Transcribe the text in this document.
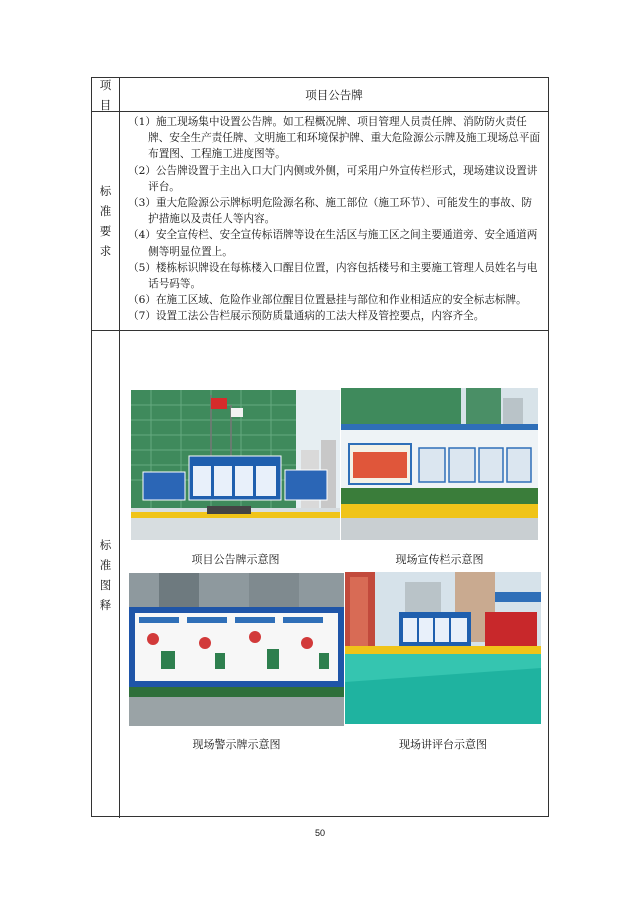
项目
项目公告牌
标准要求
（1）施工现场集中设置公告牌。如工程概况牌、项目管理人员责任牌、消防防火责任牌、安全生产责任牌、文明施工和环境保护牌、重大危险源公示牌及施工现场总平面布置图、工程施工进度图等。
（2）公告牌设置于主出入口大门内侧或外侧，可采用户外宣传栏形式，现场建议设置讲评台。
（3）重大危险源公示牌标明危险源名称、施工部位（施工环节）、可能发生的事故、防护措施以及责任人等内容。
（4）安全宣传栏、安全宣传标语牌等设在生活区与施工区之间主要通道旁、安全通道两侧等明显位置上。
（5）楼栋标识牌设在每栋楼入口醒目位置，内容包括楼号和主要施工管理人员姓名与电话号码等。
（6）在施工区域、危险作业部位醒目位置悬挂与部位和作业相适应的安全标志标牌。
（7）设置工法公告栏展示预防质量通病的工法大样及管控要点，内容齐全。
标准图释
项目公告牌示意图	现场宣传栏示意图
现场警示牌示意图	现场讲评台示意图
50
